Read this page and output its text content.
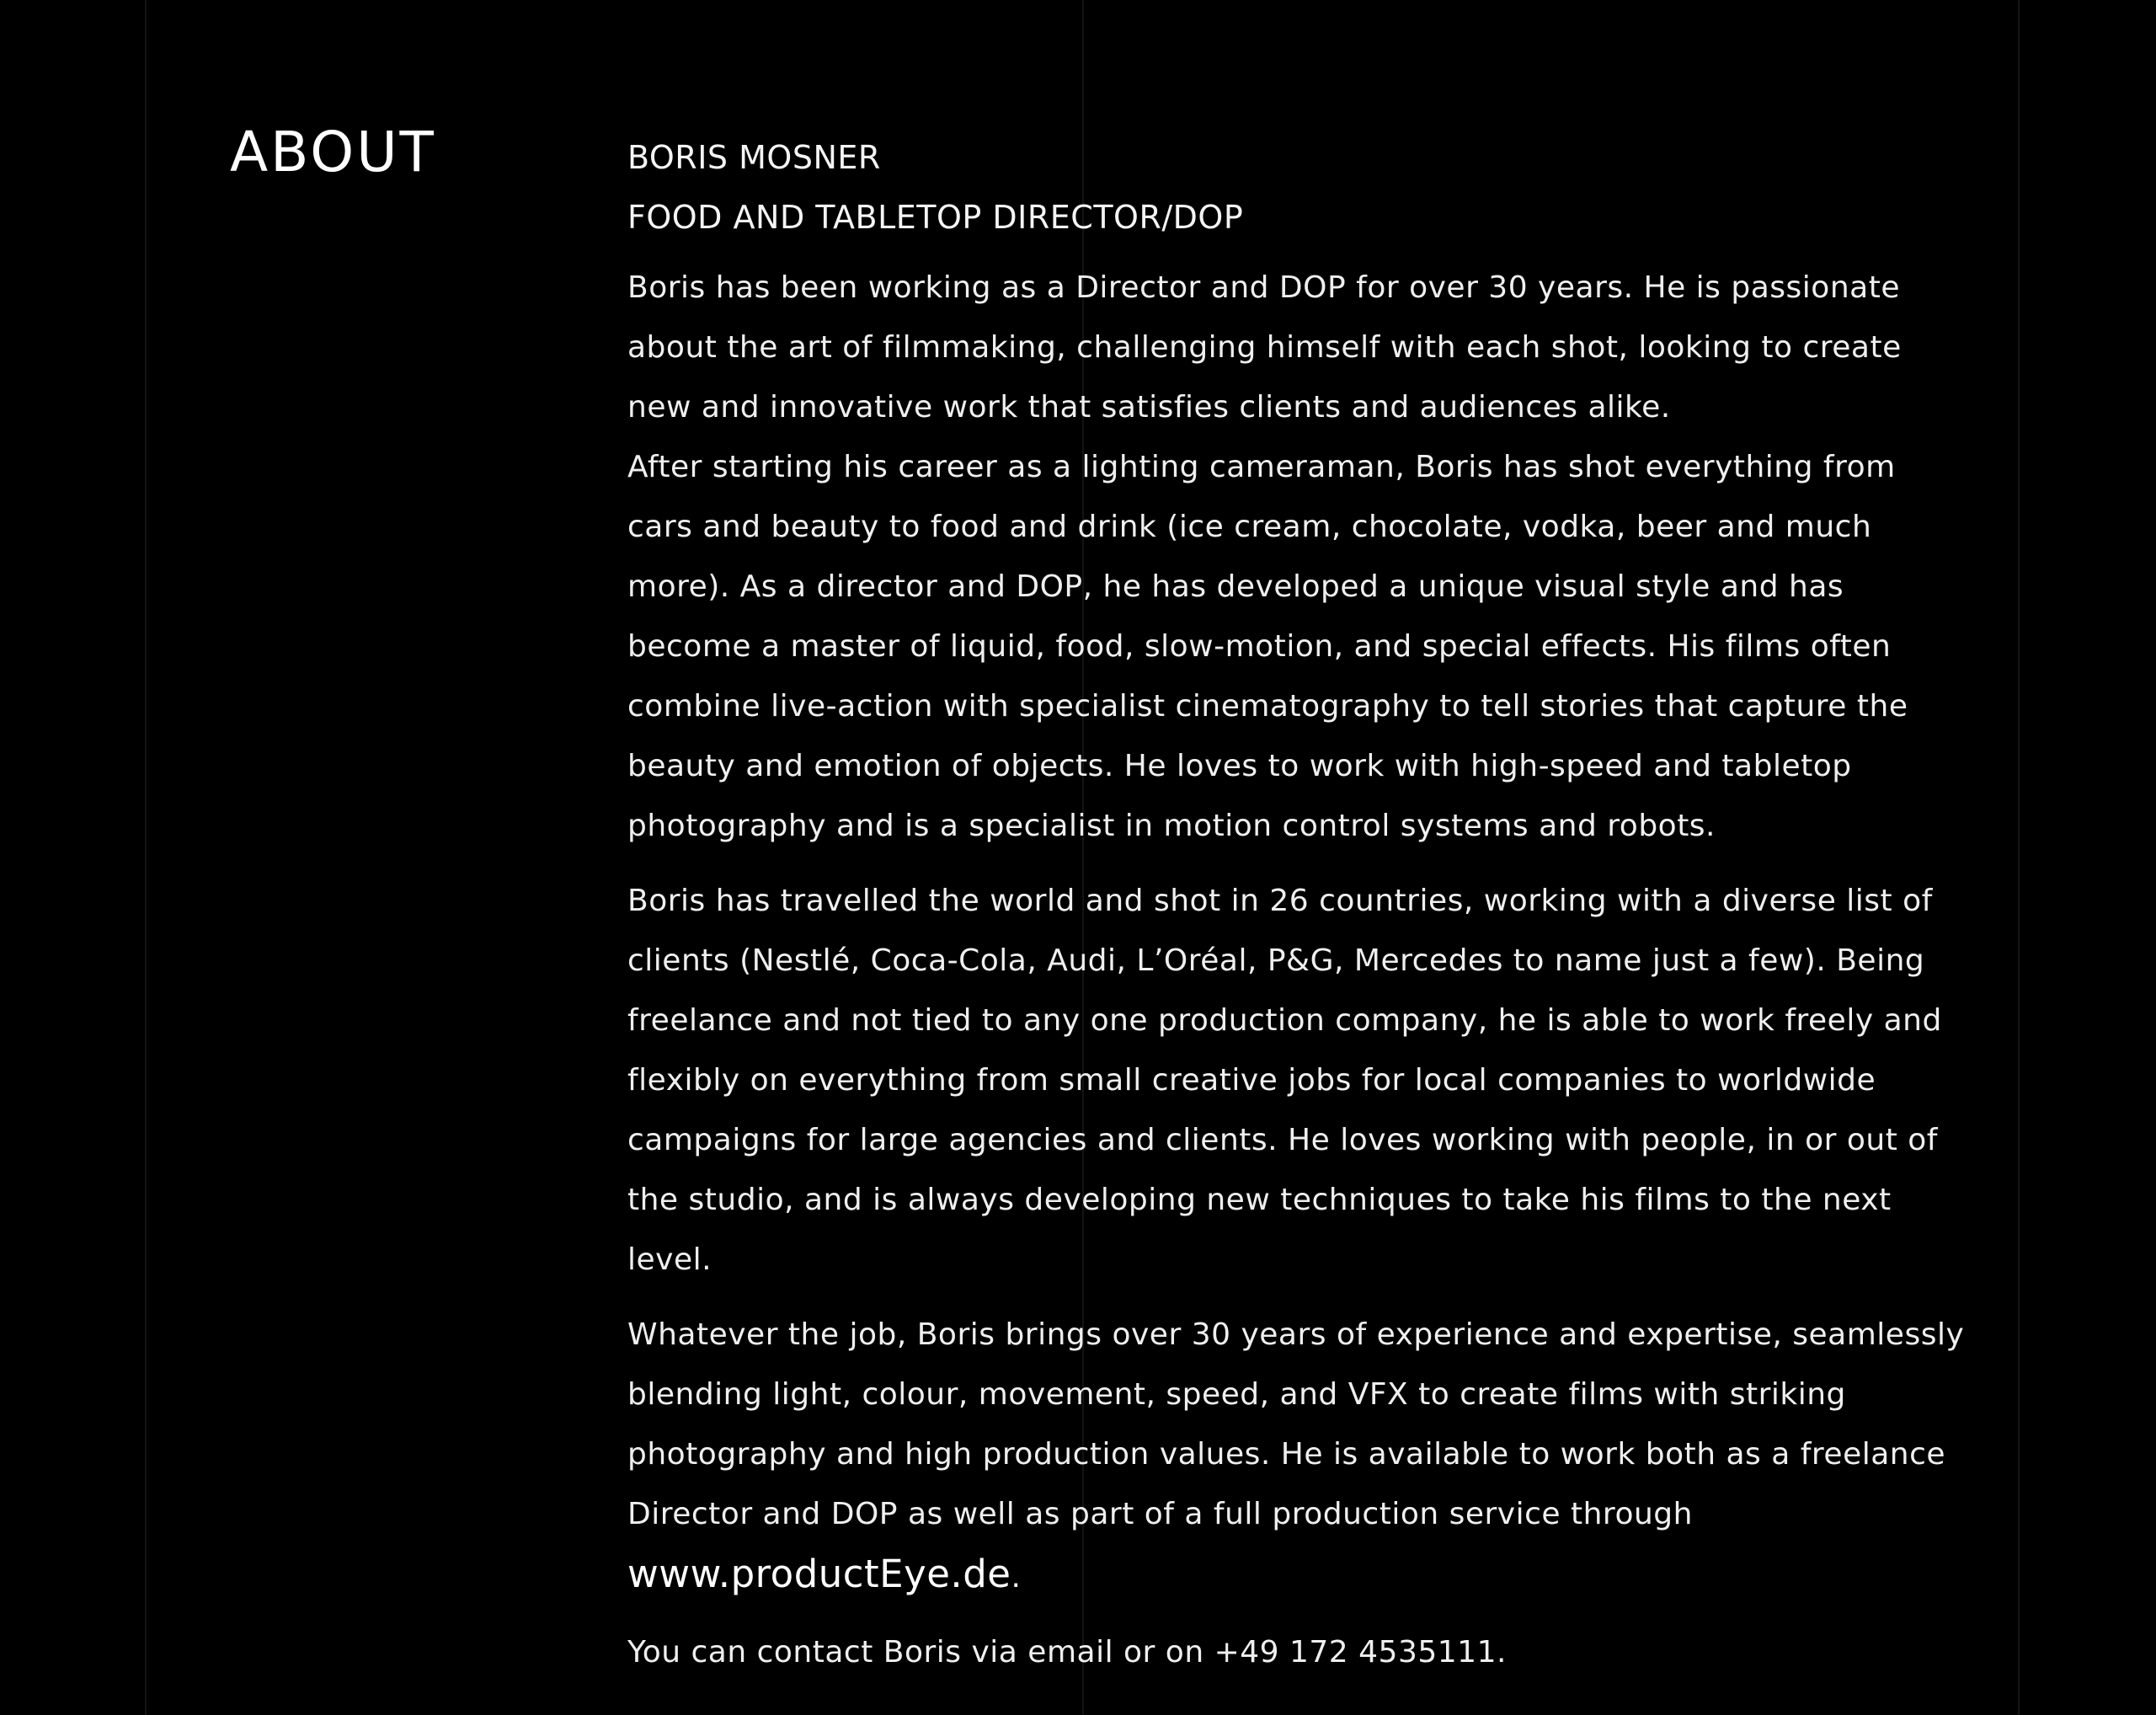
ABOUT	BORIS MOSNER
FOOD AND TABLETOP DIRECTOR/DOP

Boris has been working as a Director and DOP for over 30 years. He is passionate about the art of filmmaking, challenging himself with each shot, looking to create new and innovative work that satisfies clients and audiences alike.

After starting his career as a lighting cameraman, Boris has shot everything from cars and beauty to food and drink (ice cream, chocolate, vodka, beer and much more). As a director and DOP, he has developed a unique visual style and has become a master of liquid, food, slow-motion, and special effects. His films often combine live-action with specialist cinematography to tell stories that capture the beauty and emotion of objects. He loves to work with high-speed and tabletop photography and is a specialist in motion control systems and robots.

Boris has travelled the world and shot in 26 countries, working with a diverse list of clients (Nestlé, Coca-Cola, Audi, L’Oréal, P&G, Mercedes to name just a few). Being freelance and not tied to any one production company, he is able to work freely and flexibly on everything from small creative jobs for local companies to worldwide campaigns for large agencies and clients. He loves working with people, in or out of the studio, and is always developing new techniques to take his films to the next level.

Whatever the job, Boris brings over 30 years of experience and expertise, seamlessly blending light, colour, movement, speed, and VFX to create films with striking photography and high production values. He is available to work both as a freelance Director and DOP as well as part of a full production service through
www.productEye.de.

You can contact Boris via email or on +49 172 4535111.
